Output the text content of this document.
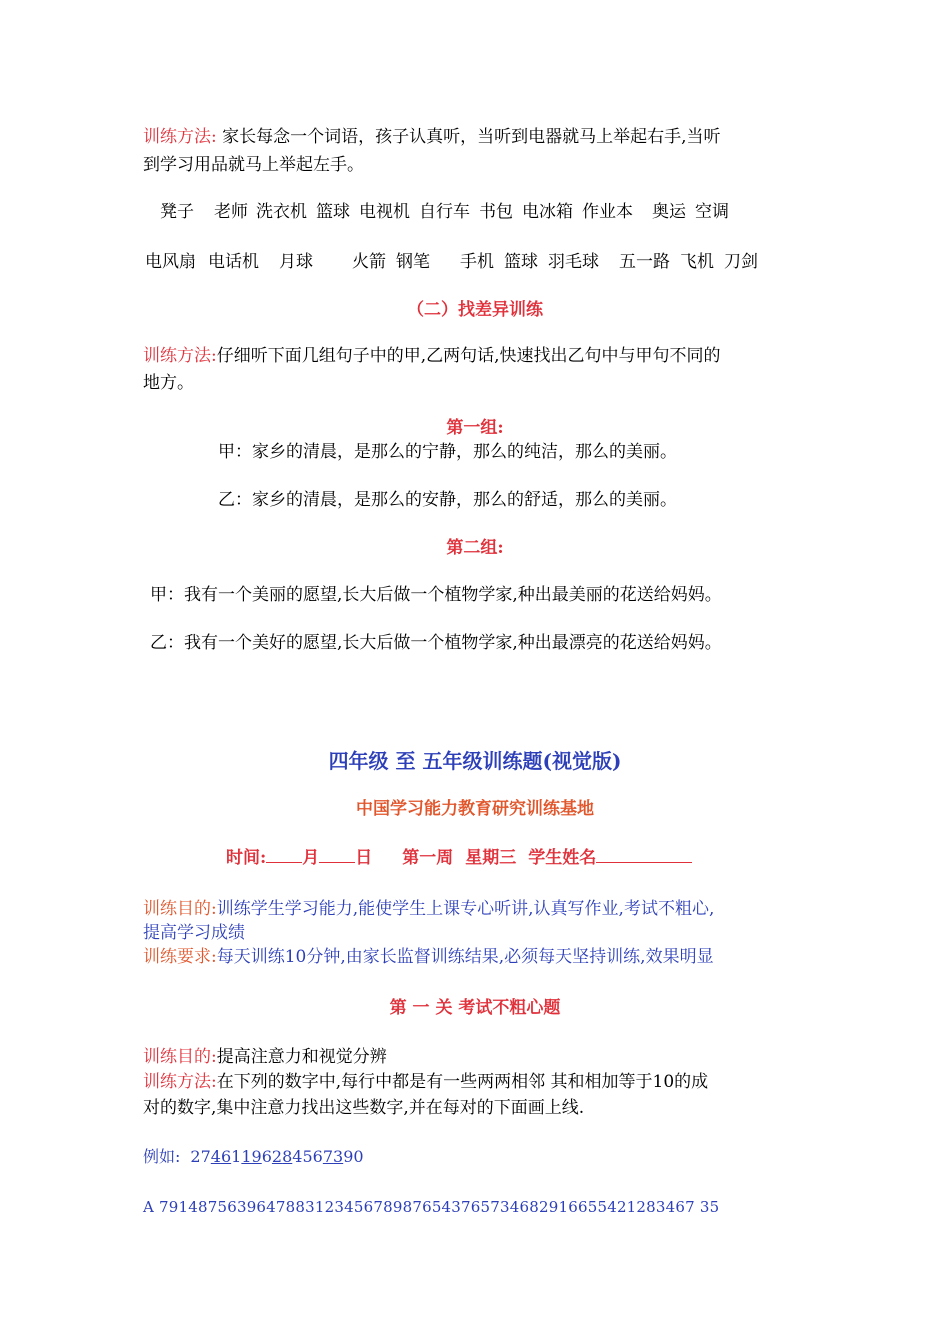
训练方法: 家长每念一个词语，孩子认真听，当听到电器就马上举起右手,当听
到学习用品就马上举起左手。
凳子 老师 洗衣机 篮球 电视机 自行车 书包 电冰箱 作业本 奥运 空调
电风扇 电话机 月球 火箭 钢笔 手机 篮球 羽毛球 五一路 飞机 刀剑
（二）找差异训练
训练方法:仔细听下面几组句子中的甲,乙两句话,快速找出乙句中与甲句不同的
地方。
第一组:
甲：家乡的清晨，是那么的宁静，那么的纯洁，那么的美丽。
乙：家乡的清晨，是那么的安静，那么的舒适，那么的美丽。
第二组:
甲：我有一个美丽的愿望,长大后做一个植物学家,种出最美丽的花送给妈妈。
乙：我有一个美好的愿望,长大后做一个植物学家,种出最漂亮的花送给妈妈。
四年级 至 五年级训练题(视觉版)
中国学习能力教育研究训练基地
时间: 月 日 第一周 星期三 学生姓名
训练目的:训练学生学习能力,能使学生上课专心听讲,认真写作业,考试不粗心,
提高学习成绩
训练要求:每天训练10分钟,由家长监督训练结果,必须每天坚持训练,效果明显
第 一 关 考试不粗心题
训练目的:提高注意力和视觉分辨
训练方法:在下列的数字中,每行中都是有一些两两相邻 其和相加等于10的成
对的数字,集中注意力找出这些数字,并在每对的下面画上线.
例如: 27461196284567390
A 7914875639647883123456789876543765734682916655421283467 35
